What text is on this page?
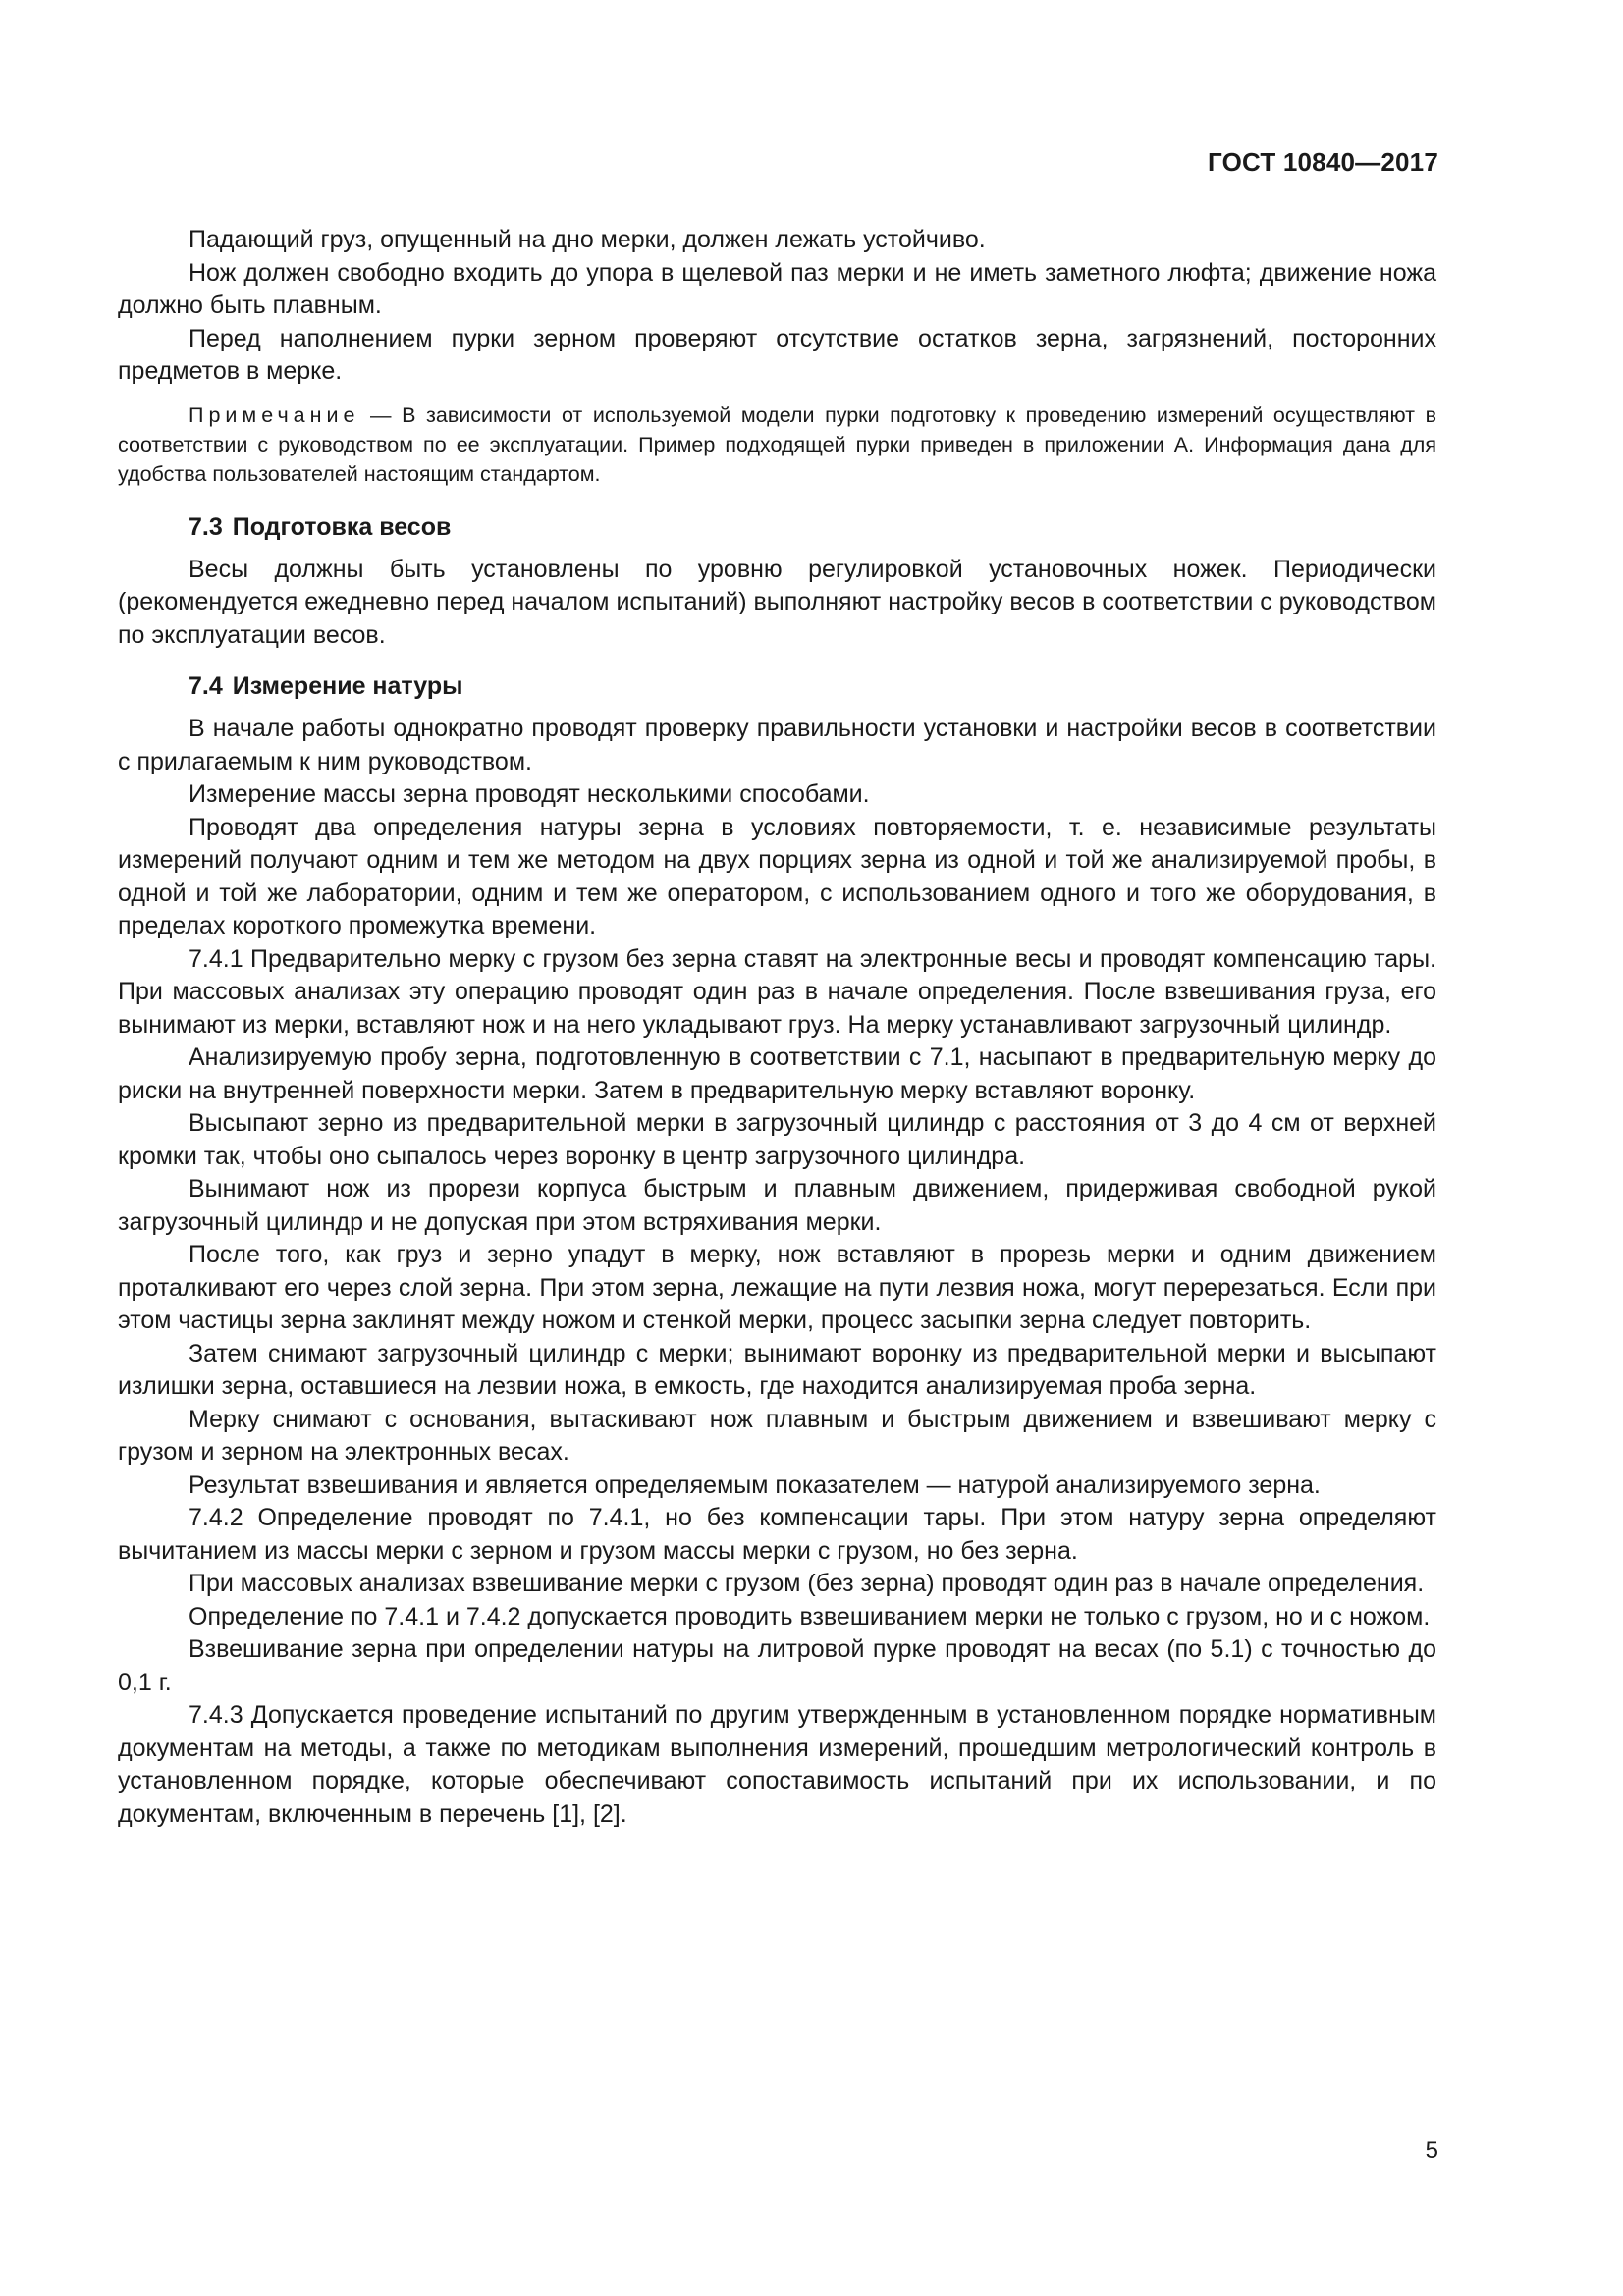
ГОСТ 10840—2017

Падающий груз, опущенный на дно мерки, должен лежать устойчиво.

Нож должен свободно входить до упора в щелевой паз мерки и не иметь заметного люфта; движение ножа должно быть плавным.

Перед наполнением пурки зерном проверяют отсутствие остатков зерна, загрязнений, посторонних предметов в мерке.

Примечание — В зависимости от используемой модели пурки подготовку к проведению измерений осуществляют в соответствии с руководством по ее эксплуатации. Пример подходящей пурки приведен в приложении А. Информация дана для удобства пользователей настоящим стандартом.

7.3 Подготовка весов

Весы должны быть установлены по уровню регулировкой установочных ножек. Периодически (рекомендуется ежедневно перед началом испытаний) выполняют настройку весов в соответствии с руководством по эксплуатации весов.

7.4 Измерение натуры

В начале работы однократно проводят проверку правильности установки и настройки весов в соответствии с прилагаемым к ним руководством.

Измерение массы зерна проводят несколькими способами.

Проводят два определения натуры зерна в условиях повторяемости, т. е. независимые результаты измерений получают одним и тем же методом на двух порциях зерна из одной и той же анализируемой пробы, в одной и той же лаборатории, одним и тем же оператором, с использованием одного и того же оборудования, в пределах короткого промежутка времени.

7.4.1 Предварительно мерку с грузом без зерна ставят на электронные весы и проводят компенсацию тары. При массовых анализах эту операцию проводят один раз в начале определения. После взвешивания груза, его вынимают из мерки, вставляют нож и на него укладывают груз. На мерку устанавливают загрузочный цилиндр.

Анализируемую пробу зерна, подготовленную в соответствии с 7.1, насыпают в предварительную мерку до риски на внутренней поверхности мерки. Затем в предварительную мерку вставляют воронку.

Высыпают зерно из предварительной мерки в загрузочный цилиндр с расстояния от 3 до 4 см от верхней кромки так, чтобы оно сыпалось через воронку в центр загрузочного цилиндра.

Вынимают нож из прорези корпуса быстрым и плавным движением, придерживая свободной рукой загрузочный цилиндр и не допуская при этом встряхивания мерки.

После того, как груз и зерно упадут в мерку, нож вставляют в прорезь мерки и одним движением проталкивают его через слой зерна. При этом зерна, лежащие на пути лезвия ножа, могут перерезаться. Если при этом частицы зерна заклинят между ножом и стенкой мерки, процесс засыпки зерна следует повторить.

Затем снимают загрузочный цилиндр с мерки; вынимают воронку из предварительной мерки и высыпают излишки зерна, оставшиеся на лезвии ножа, в емкость, где находится анализируемая проба зерна.

Мерку снимают с основания, вытаскивают нож плавным и быстрым движением и взвешивают мерку с грузом и зерном на электронных весах.

Результат взвешивания и является определяемым показателем — натурой анализируемого зерна.

7.4.2 Определение проводят по 7.4.1, но без компенсации тары. При этом натуру зерна определяют вычитанием из массы мерки с зерном и грузом массы мерки с грузом, но без зерна.

При массовых анализах взвешивание мерки с грузом (без зерна) проводят один раз в начале определения.

Определение по 7.4.1 и 7.4.2 допускается проводить взвешиванием мерки не только с грузом, но и с ножом.

Взвешивание зерна при определении натуры на литровой пурке проводят на весах (по 5.1) с точностью до 0,1 г.

7.4.3 Допускается проведение испытаний по другим утвержденным в установленном порядке нормативным документам на методы, а также по методикам выполнения измерений, прошедшим метрологический контроль в установленном порядке, которые обеспечивают сопоставимость испытаний при их использовании, и по документам, включенным в перечень [1], [2].

5
